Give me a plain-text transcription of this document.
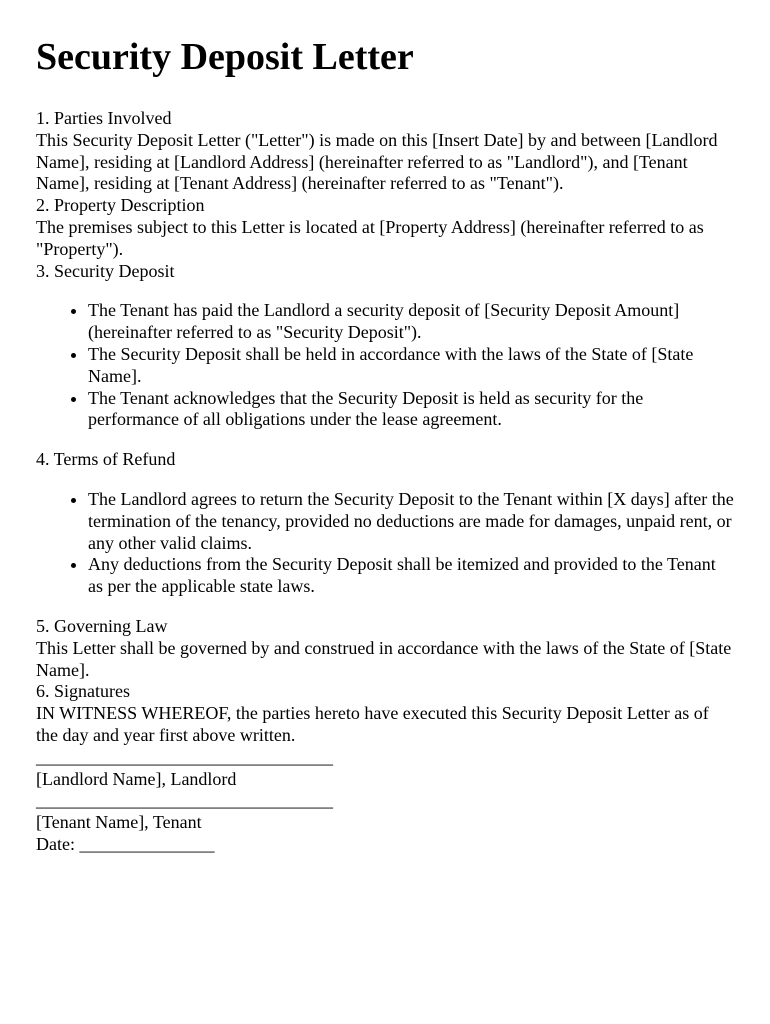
Security Deposit Letter

1. Parties Involved

This Security Deposit Letter ("Letter") is made on this [Insert Date] by and between [Landlord Name], residing at [Landlord Address] (hereinafter referred to as "Landlord"), and [Tenant Name], residing at [Tenant Address] (hereinafter referred to as "Tenant").

2. Property Description

The premises subject to this Letter is located at [Property Address] (hereinafter referred to as "Property").

3. Security Deposit

• The Tenant has paid the Landlord a security deposit of [Security Deposit Amount] (hereinafter referred to as "Security Deposit").
• The Security Deposit shall be held in accordance with the laws of the State of [State Name].
• The Tenant acknowledges that the Security Deposit is held as security for the performance of all obligations under the lease agreement.

4. Terms of Refund

• The Landlord agrees to return the Security Deposit to the Tenant within [X days] after the termination of the tenancy, provided no deductions are made for damages, unpaid rent, or any other valid claims.
• Any deductions from the Security Deposit shall be itemized and provided to the Tenant as per the applicable state laws.

5. Governing Law

This Letter shall be governed by and construed in accordance with the laws of the State of [State Name].

6. Signatures

IN WITNESS WHEREOF, the parties hereto have executed this Security Deposit Letter as of the day and year first above written.

_________________________________

[Landlord Name], Landlord

_________________________________

[Tenant Name], Tenant

Date: _______________
